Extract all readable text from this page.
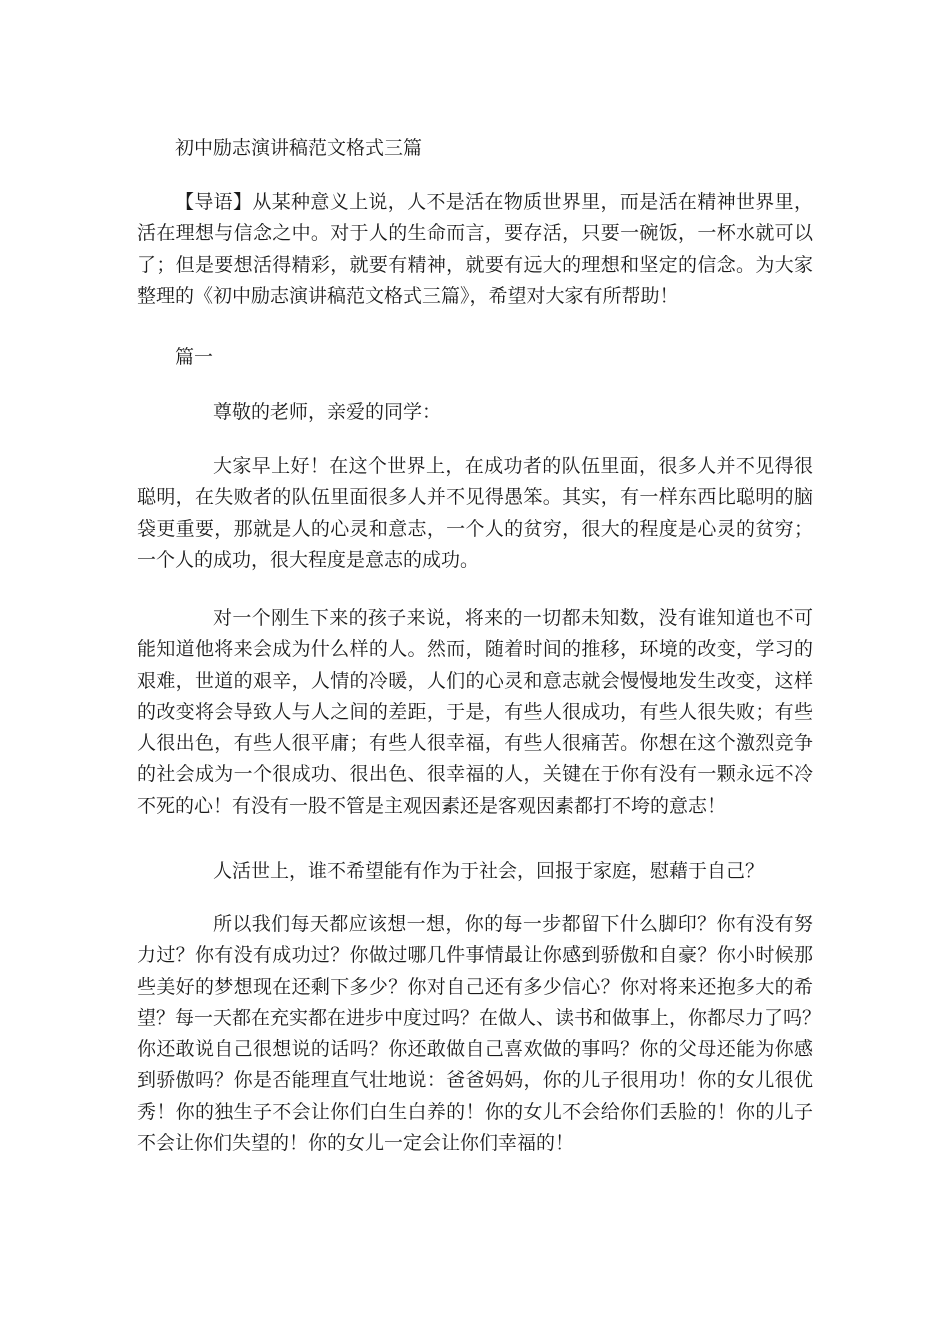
初中励志演讲稿范文格式三篇
【导语】从某种意义上说，人不是活在物质世界里，而是活在精神世界里，
活在理想与信念之中。对于人的生命而言，要存活，只要一碗饭，一杯水就可以
了；但是要想活得精彩，就要有精神，就要有远大的理想和坚定的信念。为大家
整理的《初中励志演讲稿范文格式三篇》，希望对大家有所帮助！
篇一
尊敬的老师，亲爱的同学：
大家早上好！在这个世界上，在成功者的队伍里面，很多人并不见得很
聪明，在失败者的队伍里面很多人并不见得愚笨。其实，有一样东西比聪明的脑
袋更重要，那就是人的心灵和意志，一个人的贫穷，很大的程度是心灵的贫穷；
一个人的成功，很大程度是意志的成功。
对一个刚生下来的孩子来说，将来的一切都未知数，没有谁知道也不可
能知道他将来会成为什么样的人。然而，随着时间的推移，环境的改变，学习的
艰难，世道的艰辛，人情的冷暖，人们的心灵和意志就会慢慢地发生改变，这样
的改变将会导致人与人之间的差距，于是，有些人很成功，有些人很失败；有些
人很出色，有些人很平庸；有些人很幸福，有些人很痛苦。你想在这个激烈竞争
的社会成为一个很成功、很出色、很幸福的人，关键在于你有没有一颗永远不冷
不死的心！有没有一股不管是主观因素还是客观因素都打不垮的意志！
人活世上，谁不希望能有作为于社会，回报于家庭，慰藉于自己？
所以我们每天都应该想一想，你的每一步都留下什么脚印？你有没有努
力过？你有没有成功过？你做过哪几件事情最让你感到骄傲和自豪？你小时候那
些美好的梦想现在还剩下多少？你对自己还有多少信心？你对将来还抱多大的希
望？每一天都在充实都在进步中度过吗？在做人、读书和做事上，你都尽力了吗？
你还敢说自己很想说的话吗？你还敢做自己喜欢做的事吗？你的父母还能为你感
到骄傲吗？你是否能理直气壮地说：爸爸妈妈，你的儿子很用功！你的女儿很优
秀！你的独生子不会让你们白生白养的！你的女儿不会给你们丢脸的！你的儿子
不会让你们失望的！你的女儿一定会让你们幸福的！
